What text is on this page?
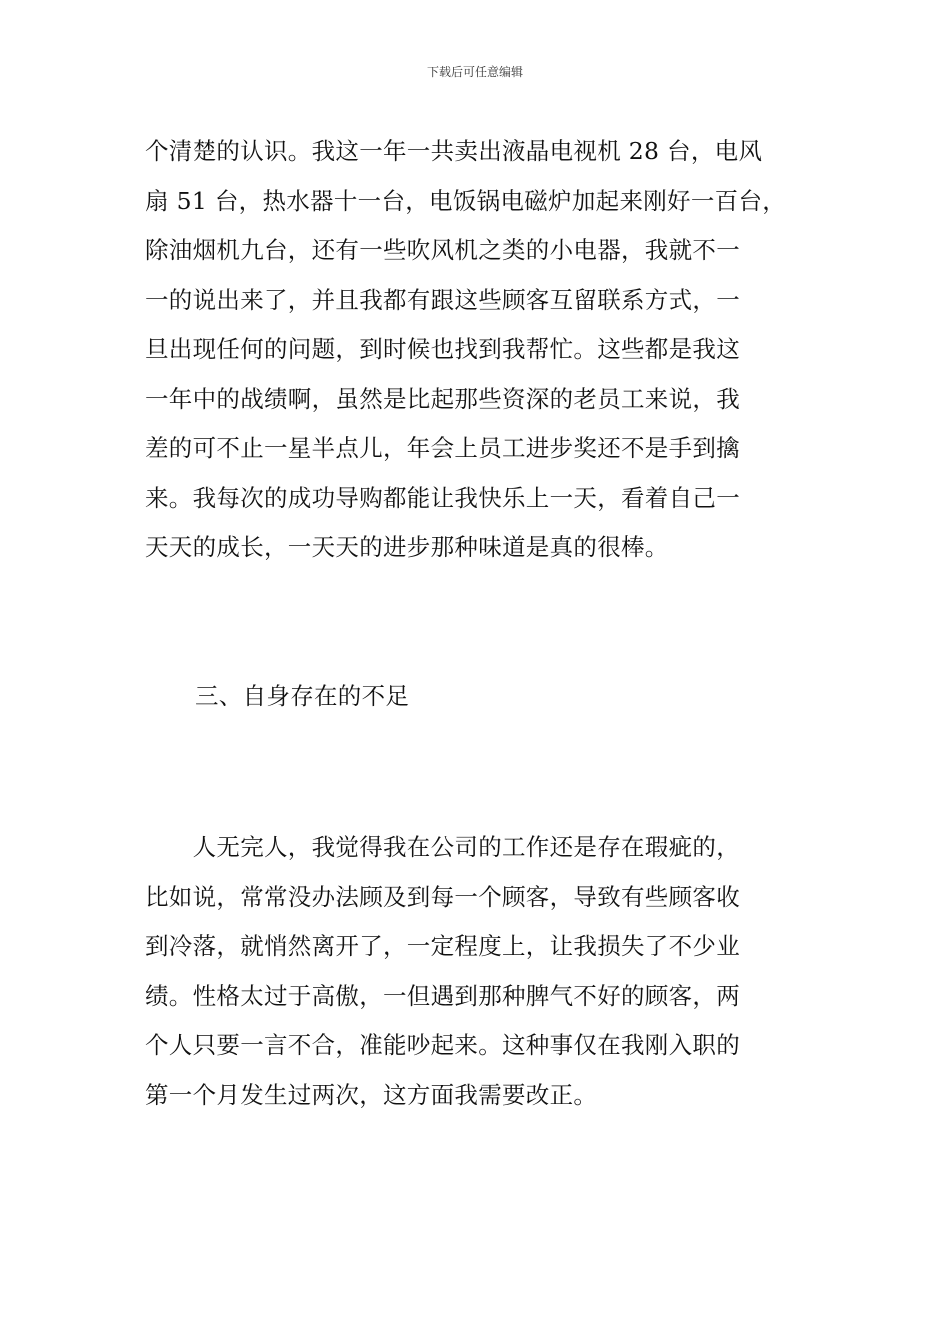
下载后可任意编辑
个清楚的认识。我这一年一共卖出液晶电视机 28 台，电风
扇 51 台，热水器十一台，电饭锅电磁炉加起来刚好一百台，
除油烟机九台，还有一些吹风机之类的小电器，我就不一
一的说出来了，并且我都有跟这些顾客互留联系方式，一
旦出现任何的问题，到时候也找到我帮忙。这些都是我这
一年中的战绩啊，虽然是比起那些资深的老员工来说，我
差的可不止一星半点儿，年会上员工进步奖还不是手到擒
来。我每次的成功导购都能让我快乐上一天，看着自己一
天天的成长，一天天的进步那种味道是真的很棒。
三、自身存在的不足
　　人无完人，我觉得我在公司的工作还是存在瑕疵的，
比如说，常常没办法顾及到每一个顾客，导致有些顾客收
到冷落，就悄然离开了，一定程度上，让我损失了不少业
绩。性格太过于高傲，一但遇到那种脾气不好的顾客，两
个人只要一言不合，准能吵起来。这种事仅在我刚入职的
第一个月发生过两次，这方面我需要改正。
